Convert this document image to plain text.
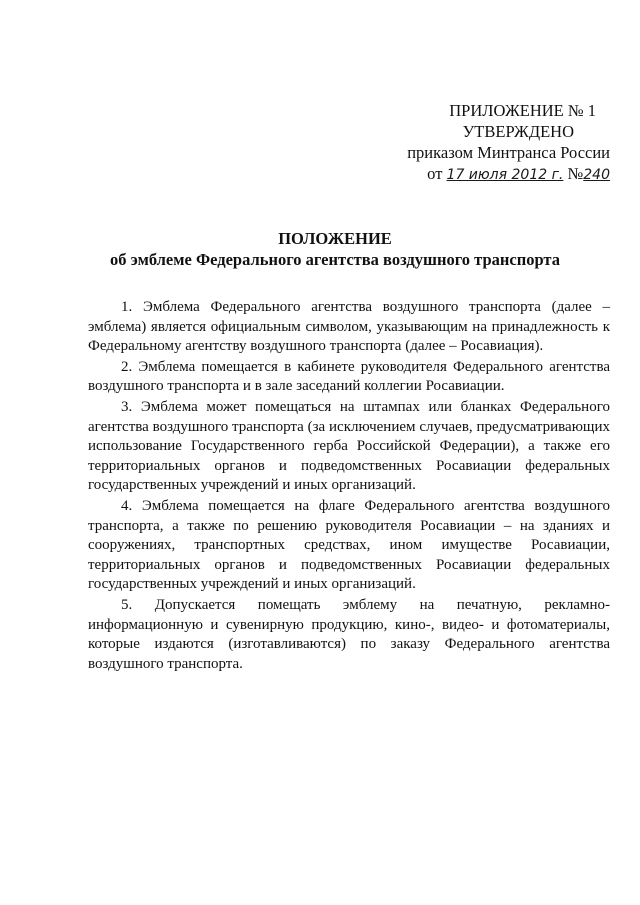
ПРИЛОЖЕНИЕ № 1
УТВЕРЖДЕНО
приказом Минтранса России
от 17 июля 2012 г. №240
ПОЛОЖЕНИЕ
об эмблеме Федерального агентства воздушного транспорта

1. Эмблема Федерального агентства воздушного транспорта (далее – эмблема) является официальным символом, указывающим на принадлежность к Федеральному агентству воздушного транспорта (далее – Росавиация).

2. Эмблема помещается в кабинете руководителя Федерального агентства воздушного транспорта и в зале заседаний коллегии Росавиации.

3. Эмблема может помещаться на штампах или бланках Федерального агентства воздушного транспорта (за исключением случаев, предусматривающих использование Государственного герба Российской Федерации), а также его территориальных органов и подведомственных Росавиации федеральных государственных учреждений и иных организаций.

4. Эмблема помещается на флаге Федерального агентства воздушного транспорта, а также по решению руководителя Росавиации – на зданиях и сооружениях, транспортных средствах, ином имуществе Росавиации, территориальных органов и подведомственных Росавиации федеральных государственных учреждений и иных организаций.

5. Допускается помещать эмблему на печатную, рекламно-информационную и сувенирную продукцию, кино-, видео- и фотоматериалы, которые издаются (изготавливаются) по заказу Федерального агентства воздушного транспорта.
